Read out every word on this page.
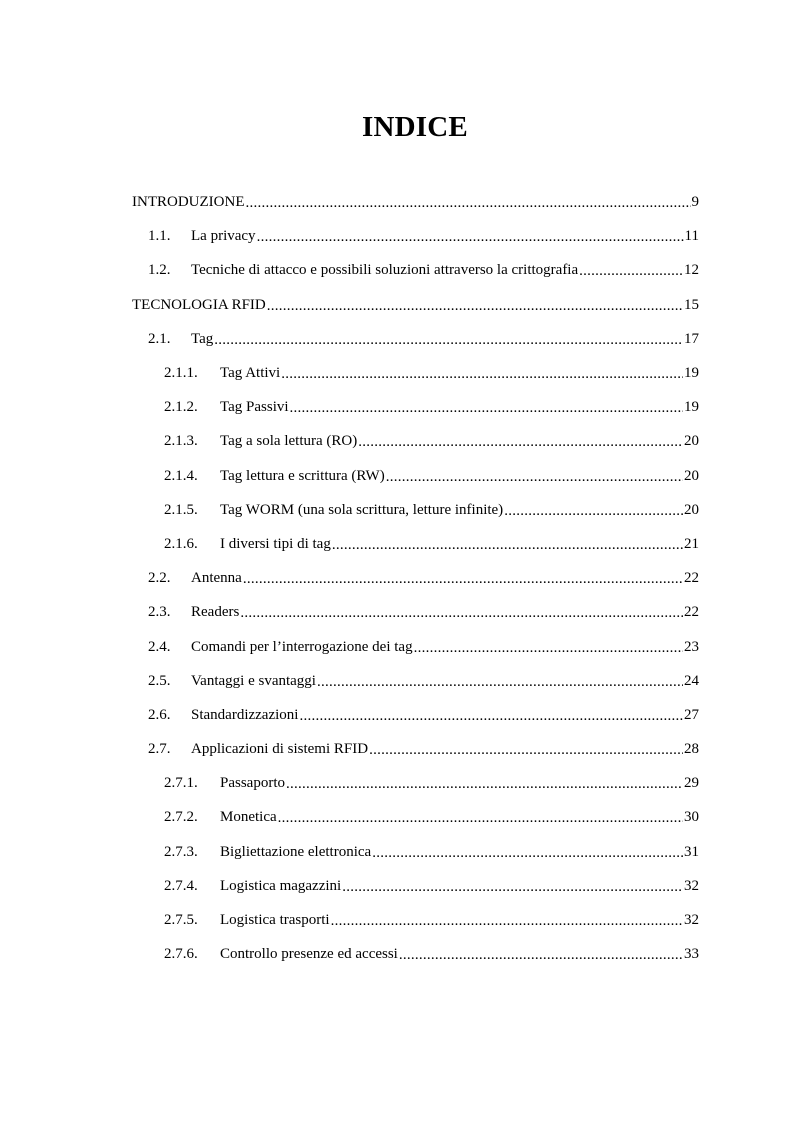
INDICE
INTRODUZIONE .....	9
1.1.	La privacy .....	11
1.2.	Tecniche di attacco e possibili soluzioni attraverso la crittografia .....	12
TECNOLOGIA RFID .....	15
2.1.	Tag .....	17
2.1.1.	Tag Attivi .....	19
2.1.2.	Tag Passivi .....	19
2.1.3.	Tag a sola lettura (RO) .....	20
2.1.4.	Tag lettura e scrittura (RW) .....	20
2.1.5.	Tag WORM (una sola scrittura, letture infinite) .....	20
2.1.6.	I diversi tipi di tag .....	21
2.2.	Antenna .....	22
2.3.	Readers .....	22
2.4.	Comandi per l’interrogazione dei tag .....	23
2.5.	Vantaggi e svantaggi .....	24
2.6.	Standardizzazioni .....	27
2.7.	Applicazioni di sistemi RFID .....	28
2.7.1.	Passaporto .....	29
2.7.2.	Monetica .....	30
2.7.3.	Bigliettazione elettronica .....	31
2.7.4.	Logistica magazzini .....	32
2.7.5.	Logistica trasporti .....	32
2.7.6.	Controllo presenze ed accessi .....	33
